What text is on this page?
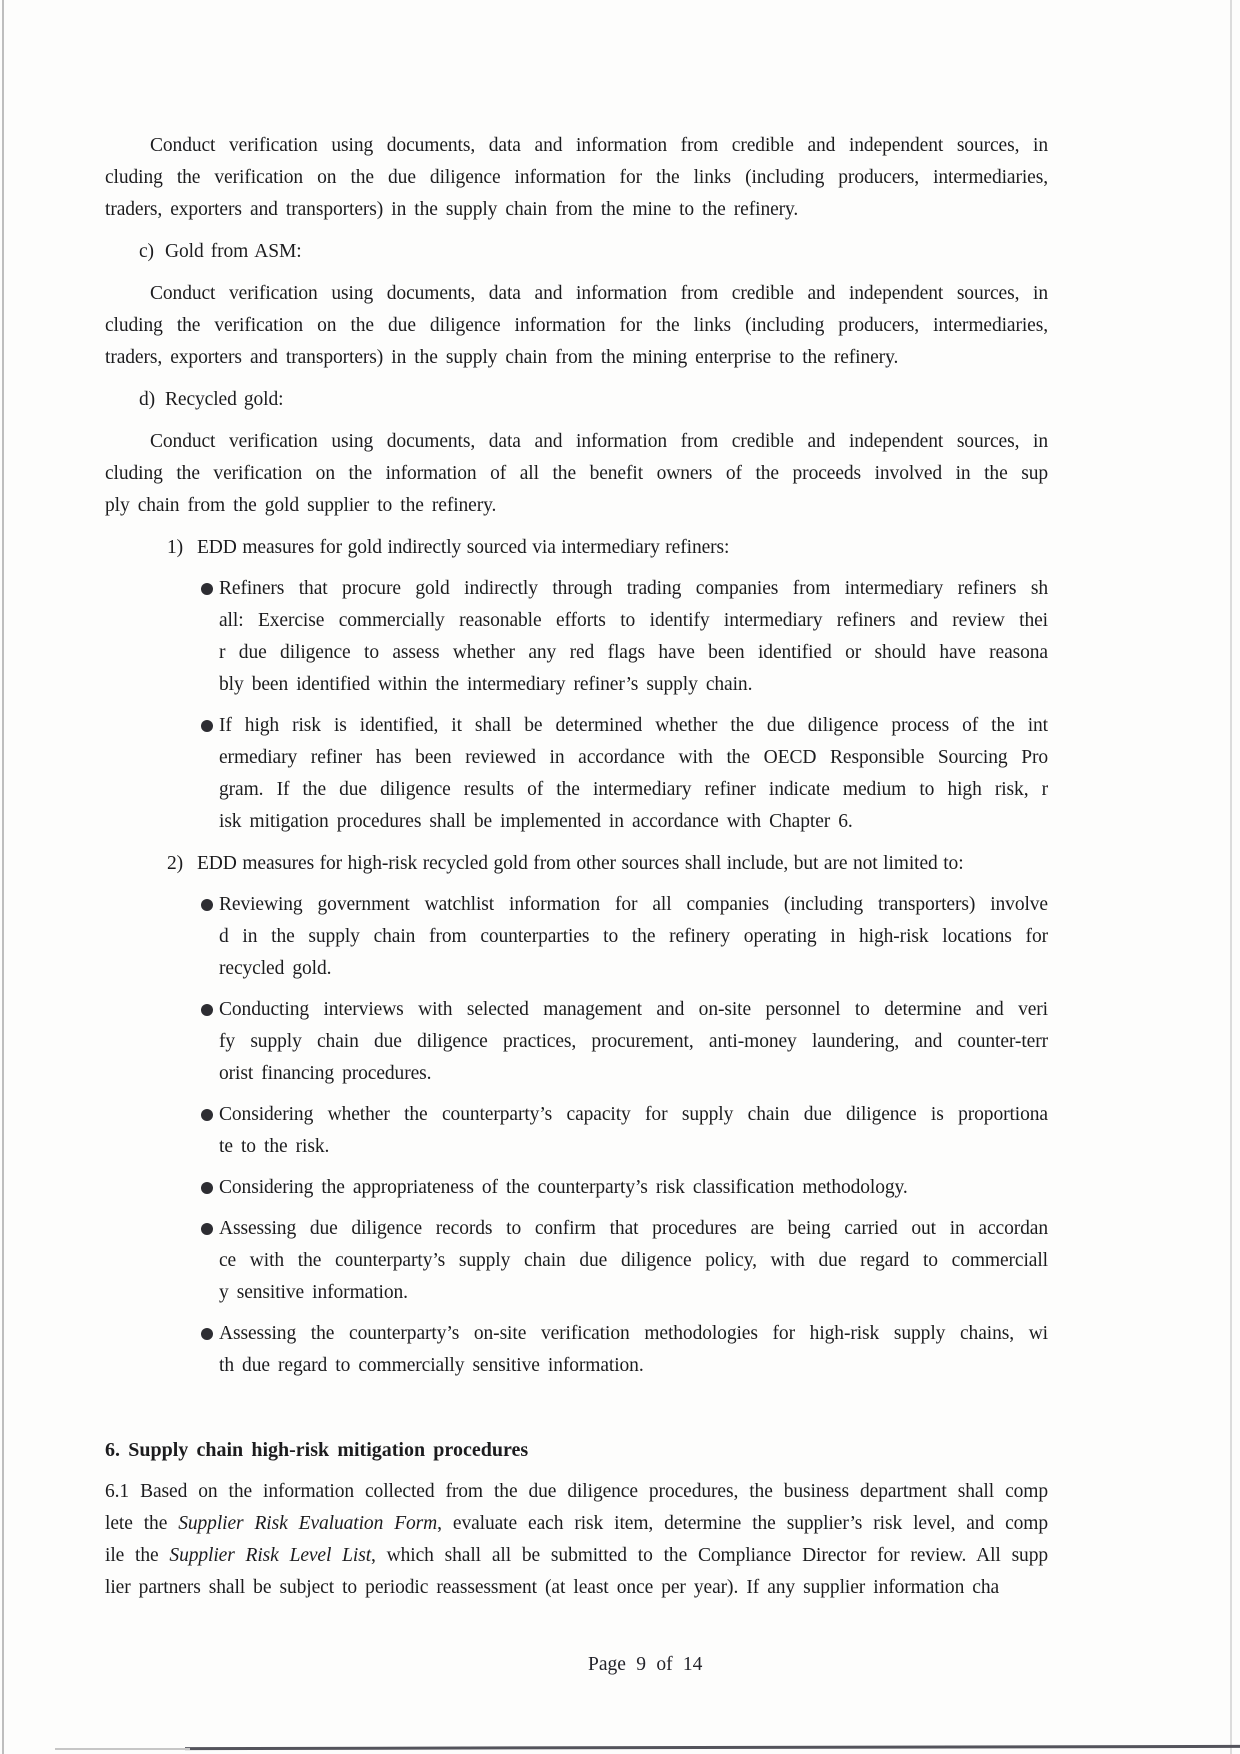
Conduct verification using documents, data and information from credible and independent sources, in
cluding the verification on the due diligence information for the links (including producers, intermediaries,
traders, exporters and transporters) in the supply chain from the mine to the refinery.
c) Gold from ASM:
Conduct verification using documents, data and information from credible and independent sources, in
cluding the verification on the due diligence information for the links (including producers, intermediaries,
traders, exporters and transporters) in the supply chain from the mining enterprise to the refinery.
d) Recycled gold:
Conduct verification using documents, data and information from credible and independent sources, in
cluding the verification on the information of all the benefit owners of the proceeds involved in the sup
ply chain from the gold supplier to the refinery.
1) EDD measures for gold indirectly sourced via intermediary refiners:
Refiners that procure gold indirectly through trading companies from intermediary refiners sh
all: Exercise commercially reasonable efforts to identify intermediary refiners and review thei
r due diligence to assess whether any red flags have been identified or should have reasona
bly been identified within the intermediary refiner’s supply chain.
If high risk is identified, it shall be determined whether the due diligence process of the int
ermediary refiner has been reviewed in accordance with the OECD Responsible Sourcing Pro
gram. If the due diligence results of the intermediary refiner indicate medium to high risk, r
isk mitigation procedures shall be implemented in accordance with Chapter 6.
2) EDD measures for high-risk recycled gold from other sources shall include, but are not limited to:
Reviewing government watchlist information for all companies (including transporters) involve
d in the supply chain from counterparties to the refinery operating in high-risk locations for
recycled gold.
Conducting interviews with selected management and on-site personnel to determine and veri
fy supply chain due diligence practices, procurement, anti-money laundering, and counter-terr
orist financing procedures.
Considering whether the counterparty’s capacity for supply chain due diligence is proportiona
te to the risk.
Considering the appropriateness of the counterparty’s risk classification methodology.
Assessing due diligence records to confirm that procedures are being carried out in accordan
ce with the counterparty’s supply chain due diligence policy, with due regard to commerciall
y sensitive information.
Assessing the counterparty’s on-site verification methodologies for high-risk supply chains, wi
th due regard to commercially sensitive information.
6. Supply chain high-risk mitigation procedures
6.1 Based on the information collected from the due diligence procedures, the business department shall comp
lete the Supplier Risk Evaluation Form, evaluate each risk item, determine the supplier’s risk level, and comp
ile the Supplier Risk Level List, which shall all be submitted to the Compliance Director for review. All supp
lier partners shall be subject to periodic reassessment (at least once per year). If any supplier information cha
Page 9 of 14
